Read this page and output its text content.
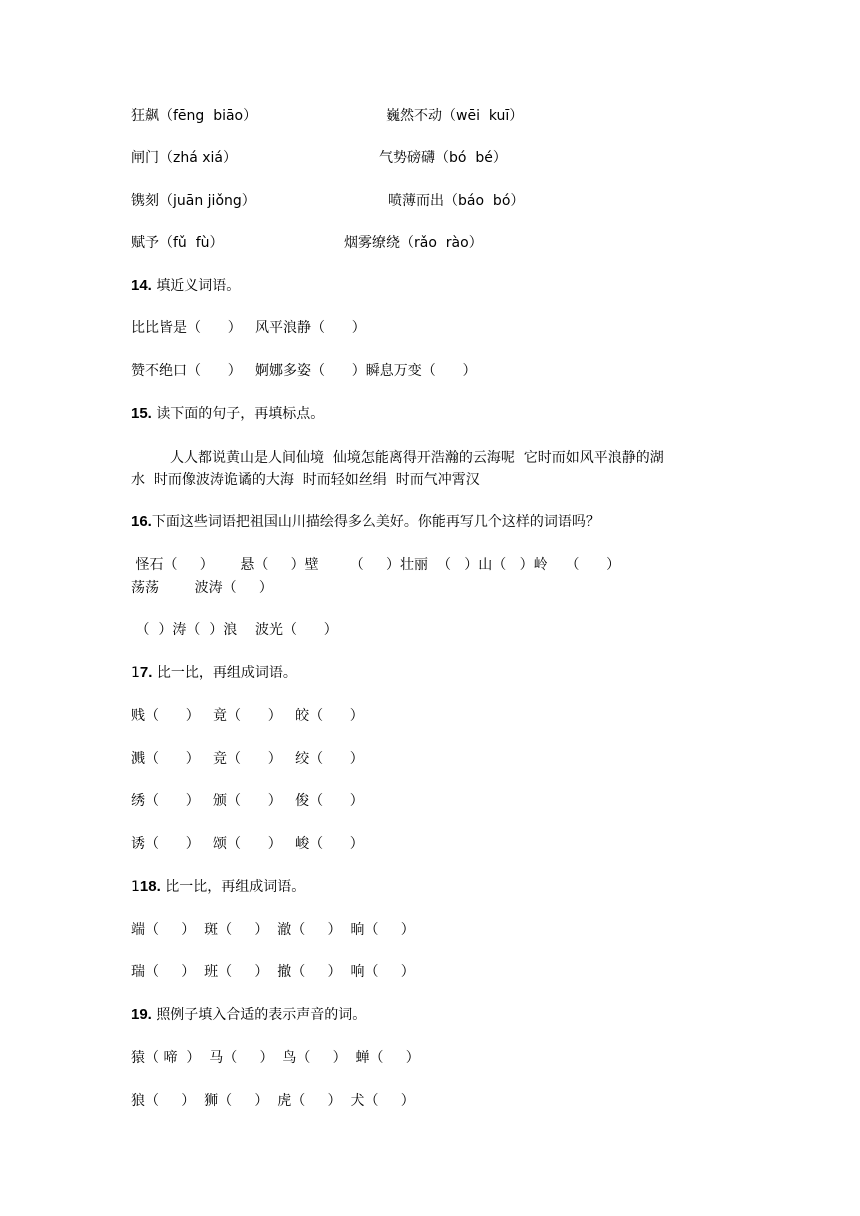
狂飙（fēng  biāo）	巍然不动（wēi  kuī）
闸门（zhá xiá）	气势磅礴（bó  bé）
镌刻（juān jiǒng）	喷薄而出（báo  bó）
赋予（fǔ  fù）	烟雾缭绕（rǎo  rào）
14. 填近义词语。
比比皆是（      ）   风平浪静（      ）
赞不绝口（      ）   婀娜多姿（      ）瞬息万变（      ）
15. 读下面的句子，再填标点。
人人都说黄山是人间仙境  仙境怎能离得开浩瀚的云海呢  它时而如风平浪静的湖
水  时而像波涛诡谲的大海  时而轻如丝绢  时而气冲霄汉
16.下面这些词语把祖国山川描绘得多么美好。你能再写几个这样的词语吗？
怪石（     ）      悬（     ）壁       （     ）壮丽  （   ）山（   ）岭    （      ）
荡荡        波涛（     ）
（  ）涛（  ）浪    波光（      ）
17. 比一比，再组成词语。
贱（      ）   竟（      ）   皎（      ）
溅（      ）   竞（      ）   绞（      ）
绣（      ）   颁（      ）   俊（      ）
诱（      ）   颂（      ）   峻（      ）
118. 比一比，再组成词语。
端（     ）  斑（     ）  澈（     ）  晌（     ）
瑞（     ）  班（     ）  撤（     ）  响（     ）
19. 照例子填入合适的表示声音的词。
猿（ 啼  ）  马（     ）  鸟（     ）  蝉（     ）
狼（     ）  狮（     ）  虎（     ）  犬（     ）
